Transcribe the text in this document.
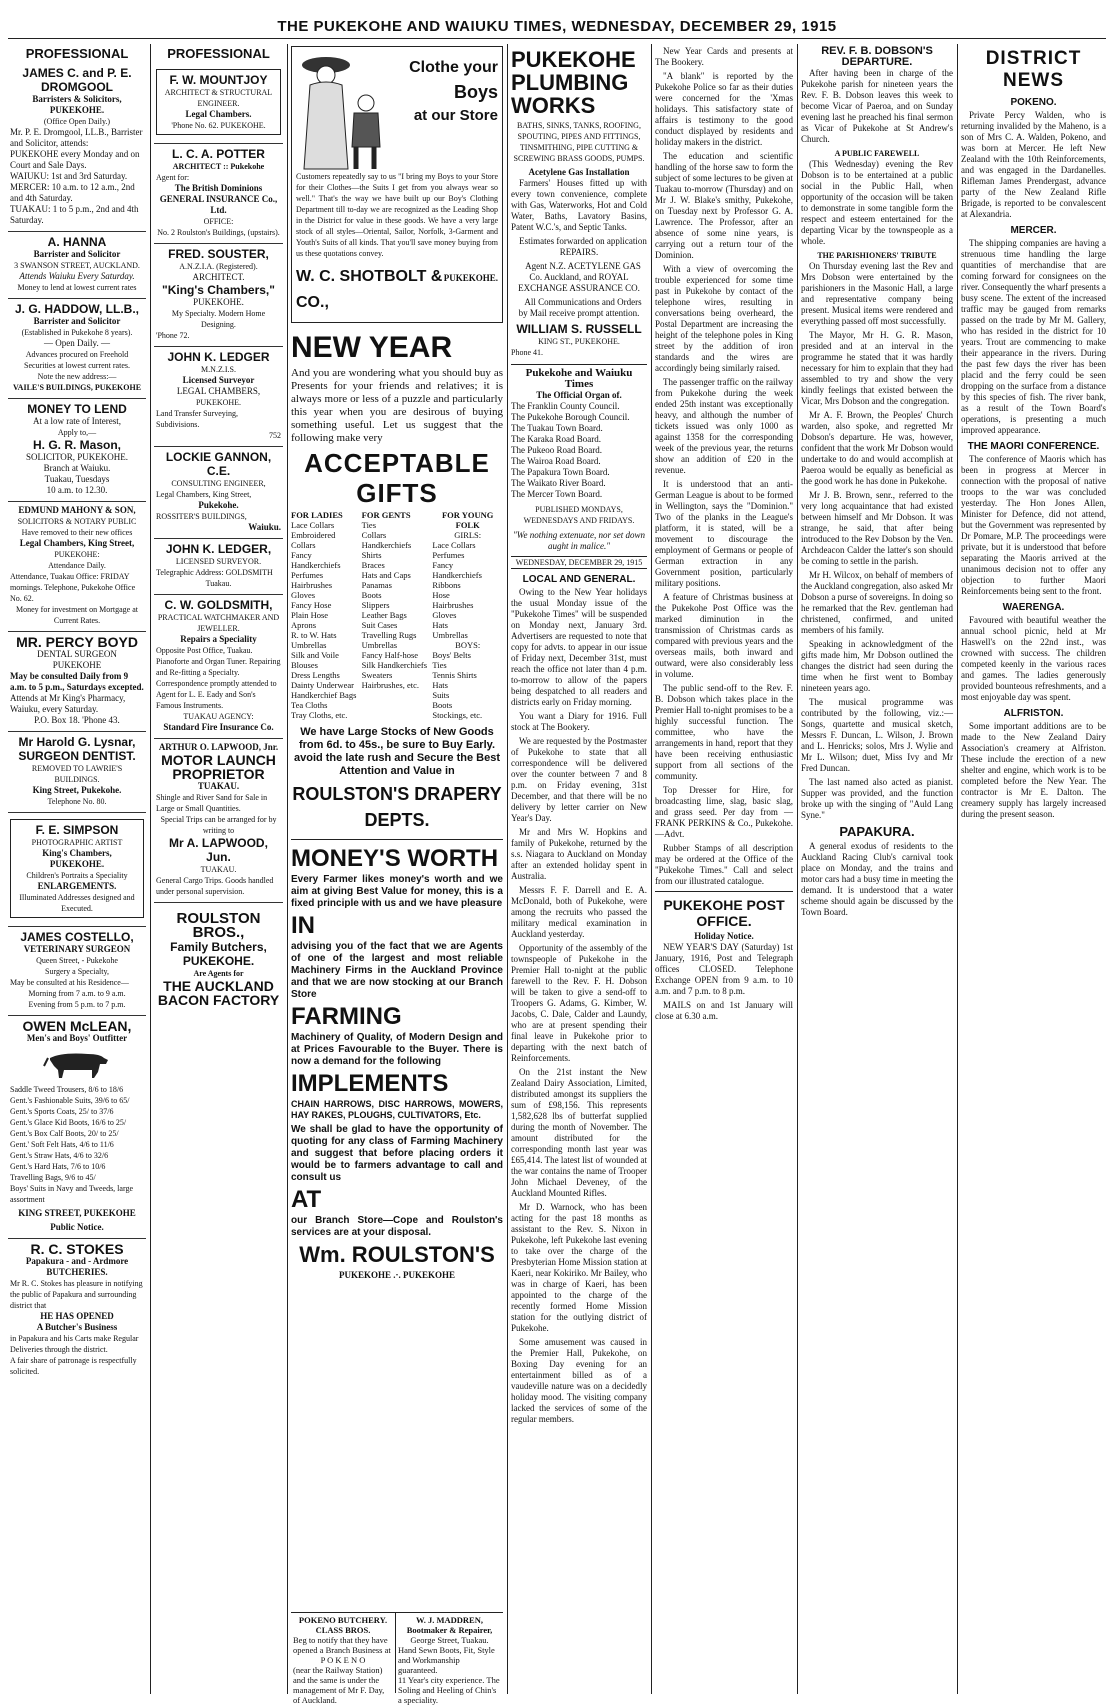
THE PUKEKOHE AND WAIUKU TIMES, WEDNESDAY, DECEMBER 29, 1915
PROFESSIONAL
JAMES C. and P. E. DROMGOOL
Barristers & Solicitors,
PUKEKOHE.
(Office Open Daily.)
Mr. P. E. Dromgool, LL.B., Barrister and Solicitor, attends:
PUKEKOHE every Monday and on Court and Sale Days.
WAIUKU: 1st and 3rd Saturday.
MERCER: 10 a.m. to 12 a.m., 2nd and 4th Saturday.
TUAKAU: 1 to 5 p.m., 2nd and 4th Saturday.
A. HANNA
Barrister and Solicitor
3 SWANSON STREET, AUCKLAND.
Attends Waiuku Every Saturday.
Money to lend at lowest current rates
J. G. HADDOW, LL.B.,
Barrister and Solicitor
(Established in Pukekohe 8 years).
— Open Daily. —
Advances procured on Freehold Securities at lowest current rates.
Note the new address:—
VAILE'S BUILDINGS, PUKEKOHE
MONEY TO LEND
At a low rate of Interest,
Apply to,—
H. G. R. Mason,
SOLICITOR, PUKEKOHE.
Branch at Waiuku.
Tuakau, Tuesdays
10 a.m. to 12.30.
EDMUND MAHONY & SON,
SOLICITORS & NOTARY PUBLIC
Have removed to their new offices
Legal Chambers, King Street,
PUKEKOHE:
Attendance Daily.
Attendance, Tuakau Office: FRIDAY mornings. Telephone, Pukekohe Office No. 62.
Money for investment on Mortgage at Current Rates.
MR. PERCY BOYD
DENTAL SURGEON
PUKEKOHE
May be consulted Daily from 9 a.m. to 5 p.m., Saturdays excepted.
Attends at Mr King's Pharmacy, Waiuku, every Saturday.
P.O. Box 18. 'Phone 43.
Mr Harold G. Lysnar,
SURGEON DENTIST.
REMOVED TO LAWRIE'S BUILDINGS.
King Street, Pukekohe.
Telephone No. 80.
F. E. SIMPSON
PHOTOGRAPHIC ARTIST
King's Chambers,
PUKEKOHE.
Children's Portraits a Speciality
ENLARGEMENTS.
Illuminated Addresses designed and Executed.
JAMES COSTELLO,
VETERINARY SURGEON
Queen Street, - Pukekohe
Surgery a Specialty,
May be consulted at his Residence—
Morning from 7 a.m. to 9 a.m.
Evening from 5 p.m. to 7 p.m.
OWEN McLEAN,
Men's and Boys' Outfitter
Saddle Tweed Trousers, 8/6 to 18/6
Gent.'s Fashionable Suits, 39/6 to 65/
Gent.'s Sports Coats, 25/ to 37/6
Gent.'s Glace Kid Boots, 16/6 to 25/
Gent.'s Box Calf Boots, 20/ to 25/
Gent.' Soft Felt Hats, 4/6 to 11/6
Gent.'s Straw Hats, 4/6 to 32/6
Gent.'s Hard Hats, 7/6 to 10/6
Travelling Bags, 9/6 to 45/
Boys' Suits in Navy and Tweeds, large assortment
KING STREET, PUKEKOHE
Public Notice.
R. C. STOKES
Papakura - and - Ardmore BUTCHERIES.
Mr R. C. Stokes has pleasure in notifying the public of Papakura and surrounding district that
HE HAS OPENED
A Butcher's Business
in Papakura and his Carts make Regular Deliveries through the district.
A fair share of patronage is respectfully solicited.
PROFESSIONAL
F. W. MOUNTJOY
ARCHITECT & STRUCTURAL ENGINEER.
Legal Chambers.
'Phone No. 62. PUKEKOHE.
L. C. A. POTTER
ARCHITECT :: Pukekohe
Agent for:
The British Dominions GENERAL INSURANCE Co., Ltd.
OFFICE:
No. 2 Roulston's Buildings, (upstairs).
FRED. SOUSTER,
A.N.Z.I.A. (Registered).
ARCHITECT.
"King's Chambers,"
PUKEKOHE.
My Specialty. Modern Home Designing.
'Phone 72.
JOHN K. LEDGER
M.N.Z.I.S.
Licensed Surveyor
LEGAL CHAMBERS,
PUKEKOHE.
Land Transfer Surveying, Subdivisions.
752
LOCKIE GANNON, C.E.
CONSULTING ENGINEER,
Legal Chambers, King Street,
Pukekohe.
ROSSITER'S BUILDINGS,
Waiuku.
JOHN K. LEDGER,
LICENSED SURVEYOR.
Telegraphic Address: GOLDSMITH
Tuakau.
C. W. GOLDSMITH,
PRACTICAL WATCHMAKER AND JEWELLER.
Repairs a Speciality
Opposite Post Office, Tuakau.
Pianoforte and Organ Tuner. Repairing and Re-fitting a Specialty.
Correspondence promptly attended to
Agent for L. E. Eady and Son's Famous Instruments.
TUAKAU AGENCY:
Standard Fire Insurance Co.
ARTHUR O. LAPWOOD, Jnr.
MOTOR LAUNCH PROPRIETOR
TUAKAU.
Shingle and River Sand for Sale in Large or Small Quantities.
Special Trips can be arranged for by writing to
Mr A. LAPWOOD, Jun.
TUAKAU.
General Cargo Trips. Goods handled under personal supervision.
ROULSTON BROS.,
Family Butchers,
PUKEKOHE.
Are Agents for
THE AUCKLAND
BACON FACTORY
Clothe your
Boys
at our Store

Customers repeatedly say to us "I bring my Boys to your Store for their Clothes—the Suits I get from you always wear so well." That's the way we have built up our Boy's Clothing Department till to-day we are recognized as the Leading Shop in the District for value in these goods. We have a very large stock of all styles—Oriental, Sailor, Norfolk, 3-Garment and Youth's Suits of all kinds. That you'll save money buying from us these quotations convey.

W. C. SHOTBOLT & CO.,
PUKEKOHE.
NEW YEAR

And you are wondering what you should buy as Presents for your friends and relatives; it is always more or less of a puzzle and particularly this year when you are desirous of buying something useful. Let us suggest that the following make very

ACCEPTABLE GIFTS
FOR LADIES
Lace Collars
Embroidered Collars
Fancy Handkerchiefs
Perfumes
Hairbrushes
Gloves
Fancy Hose
Plain Hose
Aprons
R. to W. Hats
Umbrellas
Silk and Voile Blouses
Dress Lengths
Dainty Underwear
Handkerchief Bags
Tea Cloths
Tray Cloths, etc.
FOR GENTS
Ties
Collars
Handkerchiefs
Shirts
Braces
Hats and Caps
Panamas
Boots
Slippers
Leather Bags
Suit Cases
Travelling Rugs
Umbrellas
Fancy Half-hose
Silk Handkerchiefs
Sweaters
Hairbrushes, etc.
FOR YOUNG FOLK
GIRLS:
Lace Collars
Perfumes
Fancy Handkerchiefs
Ribbons
Hose
Hairbrushes
Gloves
Hats
Umbrellas
BOYS:
Boys' Belts
Ties
Tennis Shirts
Hats
Suits
Boots
Stockings, etc.

We have Large Stocks of New Goods from 6d. to 45s., be sure to Buy Early. avoid the late rush and Secure the Best Attention and Value in

ROULSTON'S DRAPERY DEPTS.
MONEY'S WORTH

Every Farmer likes money's worth and we aim at giving Best Value for money, this is a fixed principle with us and we have pleasure

IN

advising you of the fact that we are Agents of one of the largest and most reliable Machinery Firms in the Auckland Province and that we are now stocking at our Branch Store

FARMING

Machinery of Quality, of Modern Design and at Prices Favourable to the Buyer. There is now a demand for the following

IMPLEMENTS

CHAIN HARROWS, DISC HARROWS, MOWERS, HAY RAKES, PLOUGHS, CULTIVATORS, Etc.

We shall be glad to have the opportunity of quoting for any class of Farming Machinery and suggest that before placing orders it would be to farmers advantage to call and consult us

AT

our Branch Store—Cope and Roulston's services are at your disposal.

Wm. ROULSTON'S
PUKEKOHE .·. PUKEKOHE
POKENO BUTCHERY.
CLASS BROS.
Beg to notify that they have opened a Branch Business at
P O K E N O
(near the Railway Station) and the same is under the management of Mr F. Day, of Auckland.
W. J. MADDREN,
Bootmaker & Repairer,
George Street, Tuakau.
Hand Sewn Boots, Fit, Style and Workmanship guaranteed.
11 Year's city experience. The Soling and Heeling of Chin's a speciality.
PUKEKOHE PLUMBING WORKS
BATHS, SINKS, TANKS, ROOFING, SPOUTING, PIPES AND FITTINGS, TINSMITHING, PIPE CUTTING & SCREWING BRASS GOODS, PUMPS.
Acetylene Gas Installation

Farmers' Houses fitted up with every town convenience, complete with Gas, Waterworks, Hot and Cold Water, Baths, Lavatory Basins, Patent W.C.'s, and Septic Tanks.

Estimates forwarded on application REPAIRS.

Agent N.Z. ACETYLENE GAS Co. Auckland, and ROYAL EXCHANGE ASSURANCE CO.

All Communications and Orders by Mail receive prompt attention.

WILLIAM S. RUSSELL
KING ST., PUKEKOHE.
Phone 41.
Pukekohe and Waiuku Times
The Official Organ of.
The Franklin County Council.
The Pukekohe Borough Council.
The Tuakau Town Board.
The Karaka Road Board.
The Pukeoo Road Board.
The Wairoa Road Board.
The Papakura Town Board.
The Waikato River Board.
The Mercer Town Board.
PUBLISHED MONDAYS, WEDNESDAYS AND FRIDAYS.
"We nothing extenuate, nor set down aught in malice."
WEDNESDAY, DECEMBER 29, 1915
LOCAL AND GENERAL.

Owing to the New Year holidays the usual Monday issue of the "Pukekohe Times" will be suspended on Monday next, January 3rd. Advertisers are requested to note that copy for advts. to appear in our issue of Friday next, December 31st, must reach the office not later than 4 p.m. to-morrow to allow of the papers being despatched to all readers and districts early on Friday morning.

You want a Diary for 1916. Full stock at The Bookery.

We are requested by the Postmaster of Pukekohe to state that all correspondence will be delivered over the counter between 7 and 8 p.m. on Friday evening, 31st December, and that there will be no delivery by letter carrier on New Year's Day.

Mr and Mrs W. Hopkins and family of Pukekohe, returned by the s.s. Niagara to Auckland on Monday after an extended holiday spent in Australia.

Messrs F. F. Darrell and E. A. McDonald, both of Pukekohe, were among the recruits who passed the military medical examination in Auckland yesterday.

Opportunity of the assembly of the townspeople of Pukekohe in the Premier Hall to-night at the public farewell to the Rev. F. H. Dobson will be taken to give a send-off to Troopers G. Adams, G. Kimber, W. Jacobs, C. Dale, Calder and Laundy, who are at present spending their final leave in Pukekohe prior to departing with the next batch of Reinforcements.

On the 21st instant the New Zealand Dairy Association, Limited, distributed amongst its suppliers the sum of £98,156. This represents 1,582,628 lbs of butterfat supplied during the month of November. The amount distributed for the corresponding month last year was £65,414. The latest list of wounded at the war contains the name of Trooper John Michael Deveney, of the Auckland Mounted Rifles.

Mr D. Warnock, who has been acting for the past 18 months as assistant to the Rev. S. Nixon in Pukekohe, left Pukekohe last evening to take over the charge of the Presbyterian Home Mission station at Kaeri, near Kokiriko. Mr Bailey, who was in charge of Kaeri, has been appointed to the charge of the recently formed Home Mission station for the outlying district of Pukekohe.

Some amusement was caused in the Premier Hall, Pukekohe, on Boxing Day evening for an entertainment billed as of a vaudeville nature was on a decidedly holiday mood. The visiting company lacked the services of some of the regular members.

New Year Cards and presents at The Bookery.

"A blank" is reported by the Pukekohe Police so far as their duties were concerned for the 'Xmas holidays. This satisfactory state of affairs is testimony to the good conduct displayed by residents and holiday makers in the district.

The education and scientific handling of the horse saw to form the subject of some lectures to be given at Tuakau to-morrow (Thursday) and on Mr J. W. Blake's smithy, Pukekohe, on Tuesday next by Professor G. A. Lawrence. The Professor, after an absence of some nine years, is carrying out a return tour of the Dominion.

With a view of overcoming the trouble experienced for some time past in Pukekohe by contact of the telephone wires, resulting in conversations being overheard, the Postal Department are increasing the height of the telephone poles in King street by the addition of iron standards and the wires are accordingly being similarly raised.

The passenger traffic on the railway from Pukekohe during the week ended 25th instant was exceptionally heavy, and although the number of tickets issued was only 1000 as against 1358 for the corresponding week of the previous year, the returns show an addition of £20 in the revenue.

It is understood that an anti-German League is about to be formed in Wellington, says the "Dominion." Two of the planks in the League's platform, it is stated, will be a movement to discourage the employment of Germans or people of German extraction in any Government position, particularly military positions.

A feature of Christmas business at the Pukekohe Post Office was the marked diminution in the transmission of Christmas cards as compared with previous years and the overseas mails, both inward and outward, were also considerably less in volume.

The public send-off to the Rev. F. B. Dobson which takes place in the Premier Hall to-night promises to be a highly successful function. The committee, who have the arrangements in hand, report that they have been receiving enthusiastic support from all sections of the community.

Top Dresser for Hire, for broadcasting lime, slag, basic slag, and grass seed. Per day from — FRANK PERKINS & Co., Pukekohe.—Advt.

Rubber Stamps of all description may be ordered at the Office of the "Pukekohe Times." Call and select from our illustrated catalogue.

PUKEKOHE POST OFFICE.
Holiday Notice.

NEW YEAR'S DAY (Saturday) 1st January, 1916, Post and Telegraph offices CLOSED. Telephone Exchange OPEN from 9 a.m. to 10 a.m. and 7 p.m. to 8 p.m.

MAILS on and 1st January will close at 6.30 a.m.

REV. F. B. DOBSON'S DEPARTURE.

After having been in charge of the Pukekohe parish for nineteen years the Rev. F. B. Dobson leaves this week to become Vicar of Paeroa, and on Sunday evening last he preached his final sermon as Vicar of Pukekohe at St Andrew's Church.

A PUBLIC FAREWELL

(This Wednesday) evening the Rev Dobson is to be entertained at a public social in the Public Hall, when opportunity of the occasion will be taken to demonstrate in some tangible form the respect and esteem entertained for the departing Vicar by the townspeople as a whole.

THE PARISHIONERS' TRIBUTE

On Thursday evening last the Rev and Mrs Dobson were entertained by the parishioners in the Masonic Hall, a large and representative company being present. Musical items were rendered and everything passed off most successfully.

The Mayor, Mr H. G. R. Mason, presided and at an interval in the programme he stated that it was hardly necessary for him to explain that they had assembled to try and show the very kindly feelings that existed between the Vicar, Mrs Dobson and the congregation.

Mr A. F. Brown, the Peoples' Church warden, also spoke, and regretted Mr Dobson's departure. He was, however, confident that the work Mr Dobson would undertake to do and would accomplish at Paeroa would be equally as beneficial as the good work he has done in Pukekohe.

Mr J. B. Brown, senr., referred to the very long acquaintance that had existed between himself and Mr Dobson. It was strange, he said, that after being introduced to the Rev Dobson by the Ven. Archdeacon Calder the latter's son should be coming to settle in the parish.

Mr H. Wilcox, on behalf of members of the Auckland congregation, also asked Mr Dobson a purse of sovereigns. In doing so he remarked that the Rev. gentleman had christened, confirmed, and united members of his family.

Speaking in acknowledgment of the gifts made him, Mr Dobson outlined the changes the district had seen during the time when he first went to Bombay nineteen years ago.

The musical programme was contributed by the following, viz.:—Songs, quartette and musical sketch, Messrs F. Duncan, L. Wilson, J. Brown and L. Henricks; solos, Mrs J. Wylie and Mr L. Wilson; duet, Miss Ivy and Mr Fred Duncan.

The last named also acted as pianist. Supper was provided, and the function broke up with the singing of "Auld Lang Syne."

PAPAKURA.

A general exodus of residents to the Auckland Racing Club's carnival took place on Monday, and the trains and motor cars had a busy time in meeting the demand. It is understood that a water scheme should again be discussed by the Town Board.

DISTRICT NEWS
POKENO.

Private Percy Walden, who is returning invalided by the Maheno, is a son of Mrs C. A. Walden, Pokeno, and was born at Mercer. He left New Zealand with the 10th Reinforcements, and was engaged in the Dardanelles. Rifleman James Prendergast, advance party of the New Zealand Rifle Brigade, is reported to be convalescent at Alexandria.

MERCER.

The shipping companies are having a strenuous time handling the large quantities of merchandise that are coming forward for consignees on the river. Consequently the wharf presents a busy scene. The extent of the increased traffic may be gauged from remarks passed on the trade by Mr M. Gallery, who has resided in the district for 10 years. Trout are commencing to make their appearance in the rivers. During the past few days the river has been placid and the ferry could be seen dropping on the surface from a distance by this species of fish. The river bank, as a result of the Town Board's operations, is presenting a much improved appearance.

THE MAORI CONFERENCE.

The conference of Maoris which has been in progress at Mercer in connection with the proposal of native troops to the war was concluded yesterday. The Hon Jones Allen, Minister for Defence, did not attend, but the Government was represented by Dr Pomare, M.P. The proceedings were private, but it is understood that before separating the Maoris arrived at the unanimous decision not to offer any objection to further Maori Reinforcements being sent to the front.

WAERENGA.

Favoured with beautiful weather the annual school picnic, held at Mr Haswell's on the 22nd inst., was crowned with success. The children competed keenly in the various races and games. The ladies generously provided bounteous refreshments, and a most enjoyable day was spent.

ALFRISTON.

Some important additions are to be made to the New Zealand Dairy Association's creamery at Alfriston. These include the erection of a new shelter and engine, which work is to be completed before the New Year. The contractor is Mr E. Dalton. The creamery supply has largely increased during the present season.
